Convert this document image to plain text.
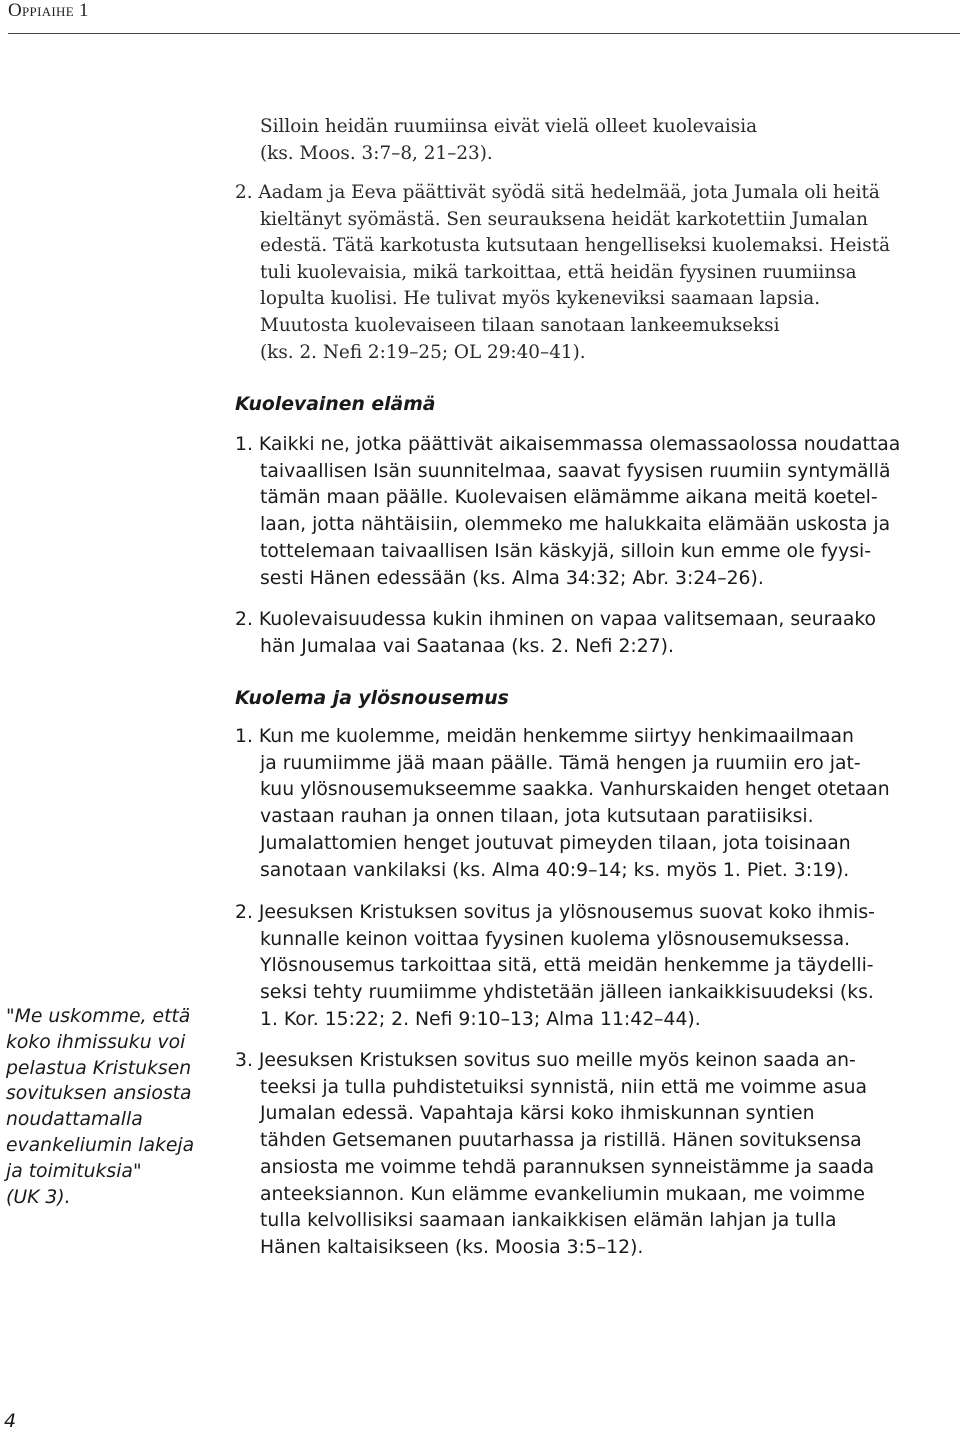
Oppiaihe 1
Silloin heidän ruumiinsa eivät vielä olleet kuolevaisia
(ks. Moos. 3:7–8, 21–23).
2. Aadam ja Eeva päättivät syödä sitä hedelmää, jota Jumala oli heitä
kieltänyt syömästä. Sen seurauksena heidät karkotettiin Jumalan
edestä. Tätä karkotusta kutsutaan hengelliseksi kuolemaksi. Heistä
tuli kuolevaisia, mikä tarkoittaa, että heidän fyysinen ruumiinsa
lopulta kuolisi. He tulivat myös kykeneviksi saamaan lapsia.
Muutosta kuolevaiseen tilaan sanotaan lankeemukseksi
(ks. 2. Nefi 2:19–25; OL 29:40–41).
Kuolevainen elämä
1. Kaikki ne, jotka päättivät aikaisemmassa olemassaolossa noudattaa
taivaallisen Isän suunnitelmaa, saavat fyysisen ruumiin syntymällä
tämän maan päälle. Kuolevaisen elämämme aikana meitä koetel-
laan, jotta nähtäisiin, olemmeko me halukkaita elämään uskosta ja
tottelemaan taivaallisen Isän käskyjä, silloin kun emme ole fyysi-
sesti Hänen edessään (ks. Alma 34:32; Abr. 3:24–26).
2. Kuolevaisuudessa kukin ihminen on vapaa valitsemaan, seuraako
hän Jumalaa vai Saatanaa (ks. 2. Nefi 2:27).
Kuolema ja ylösnousemus
1. Kun me kuolemme, meidän henkemme siirtyy henkimaailmaan
ja ruumiimme jää maan päälle. Tämä hengen ja ruumiin ero jat-
kuu ylösnousemukseemme saakka. Vanhurskaiden henget otetaan
vastaan rauhan ja onnen tilaan, jota kutsutaan paratiisiksi.
Jumalattomien henget joutuvat pimeyden tilaan, jota toisinaan
sanotaan vankilaksi (ks. Alma 40:9–14; ks. myös 1. Piet. 3:19).
2. Jeesuksen Kristuksen sovitus ja ylösnousemus suovat koko ihmis-
kunnalle keinon voittaa fyysinen kuolema ylösnousemuksessa.
Ylösnousemus tarkoittaa sitä, että meidän henkemme ja täydelli-
seksi tehty ruumiimme yhdistetään jälleen iankaikkisuudeksi (ks.
1. Kor. 15:22; 2. Nefi 9:10–13; Alma 11:42–44).
3. Jeesuksen Kristuksen sovitus suo meille myös keinon saada an-
teeksi ja tulla puhdistetuiksi synnistä, niin että me voimme asua
Jumalan edessä. Vapahtaja kärsi koko ihmiskunnan syntien
tähden Getsemanen puutarhassa ja ristillä. Hänen sovituksensa
ansiosta me voimme tehdä parannuksen synneistämme ja saada
anteeksiannon. Kun elämme evankeliumin mukaan, me voimme
tulla kelvollisiksi saamaan iankaikkisen elämän lahjan ja tulla
Hänen kaltaisikseen (ks. Moosia 3:5–12).
"Me uskomme, että
koko ihmissuku voi
pelastua Kristuksen
sovituksen ansiosta
noudattamalla
evankeliumin lakeja
ja toimituksia"
(UK 3).
4
